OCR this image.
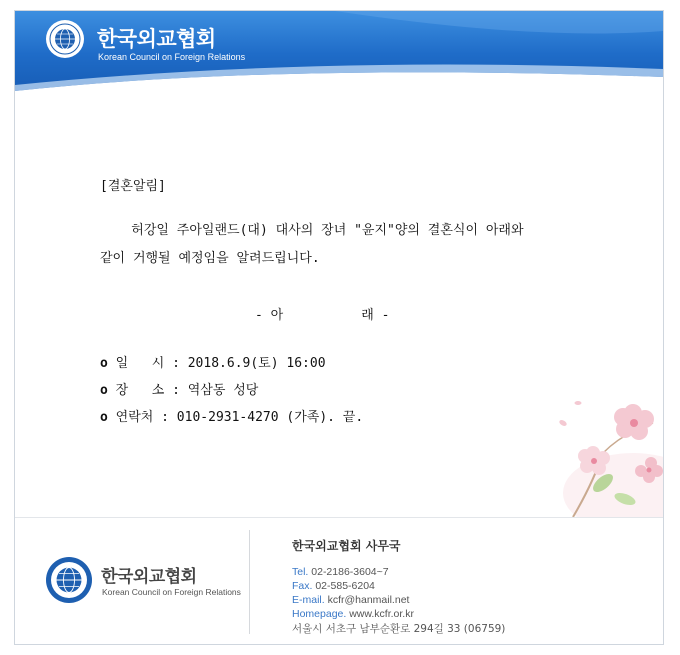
한국외교협회
Korean Council on Foreign Relations

[결혼알림]

허강일 주아일랜드(대) 대사의 장녀 "윤지"양의 결혼식이 아래와

같이 거행될 예정임을 알려드립니다.

- 아	래 -

o 일   시 : 2018.6.9(토) 16:00

o 장   소 : 역삼동 성당

o 연락처 : 010-2931-4270 (가족). 끝.

한국외교협회
Korean Council on Foreign Relations
한국외교협회 사무국
Tel. 02-2186-3604~7
Fax. 02-585-6204
E-mail. kcfr@hanmail.net
Homepage. www.kcfr.or.kr
서울시 서초구 남부순환로 294길 33 (06759)
